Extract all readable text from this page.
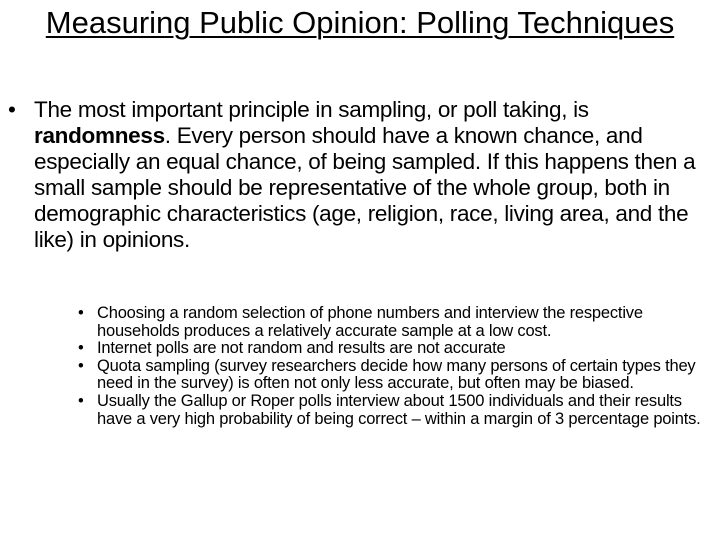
Measuring Public Opinion: Polling Techniques
• The most important principle in sampling, or poll taking, is randomness. Every person should have a known chance, and especially an equal chance, of being sampled. If this happens then a small sample should be representative of the whole group, both in demographic characteristics (age, religion, race, living area, and the like) in opinions.
• Choosing a random selection of phone numbers and interview the respective households produces a relatively accurate sample at a low cost.
• Internet polls are not random and results are not accurate
• Quota sampling (survey researchers decide how many persons of certain types they need in the survey) is often not only less accurate, but often may be biased.
• Usually the Gallup or Roper polls interview about 1500 individuals and their results have a very high probability of being correct – within a margin of 3 percentage points.
